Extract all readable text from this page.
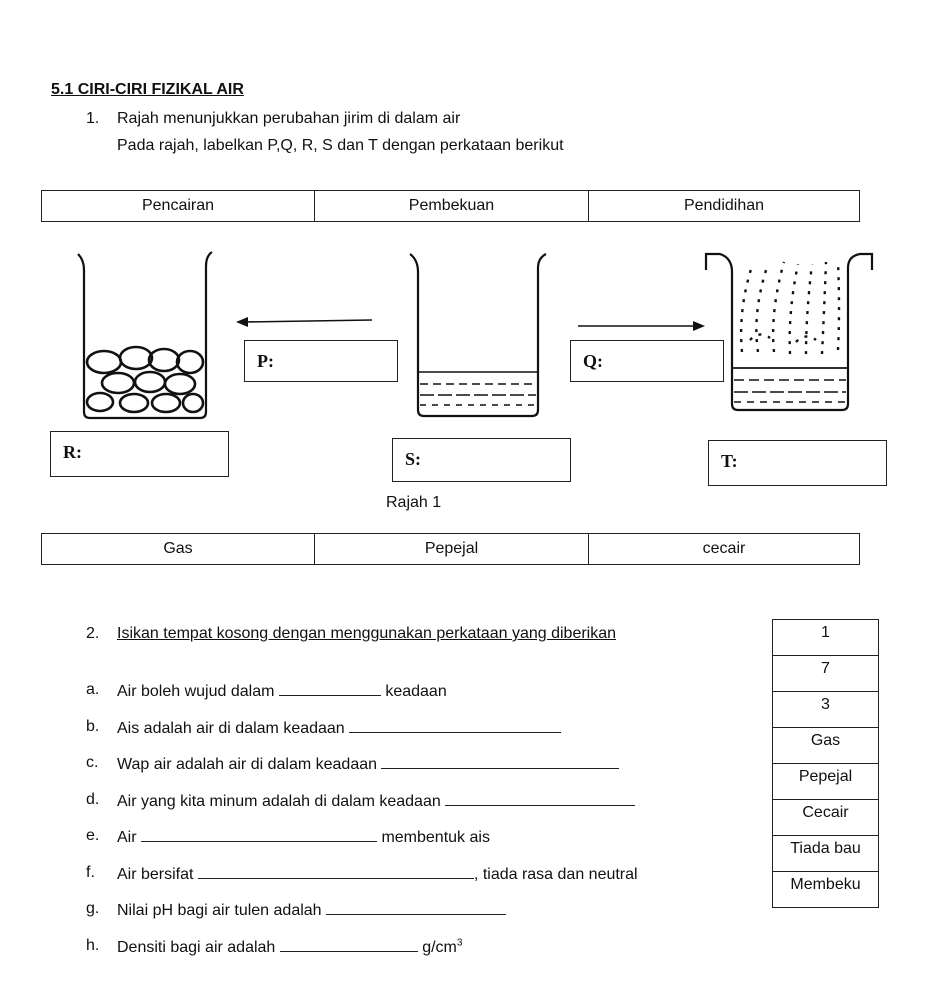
5.1 CIRI-CIRI FIZIKAL AIR
1. Rajah menunjukkan perubahan jirim di dalam air
Pada rajah, labelkan P,Q, R, S dan T dengan perkataan berikut
Pencairan	Pembekuan	Pendidihan
P:	Q:
R:	S:	T:
Rajah 1
Gas	Pepejal	cecair
2. Isikan tempat kosong dengan menggunakan perkataan yang diberikan
a. Air boleh wujud dalam	keadaan
b. Ais adalah air di dalam keadaan
c. Wap air adalah air di dalam keadaan
d. Air yang kita minum adalah di dalam keadaan
e. Air	membentuk ais
f. Air bersifat	, tiada rasa dan neutral
g. Nilai pH bagi air tulen adalah
h. Densiti bagi air adalah	$g/cm^3$
1
7
3
Gas
Pepejal
Cecair
Tiada bau
Membeku
